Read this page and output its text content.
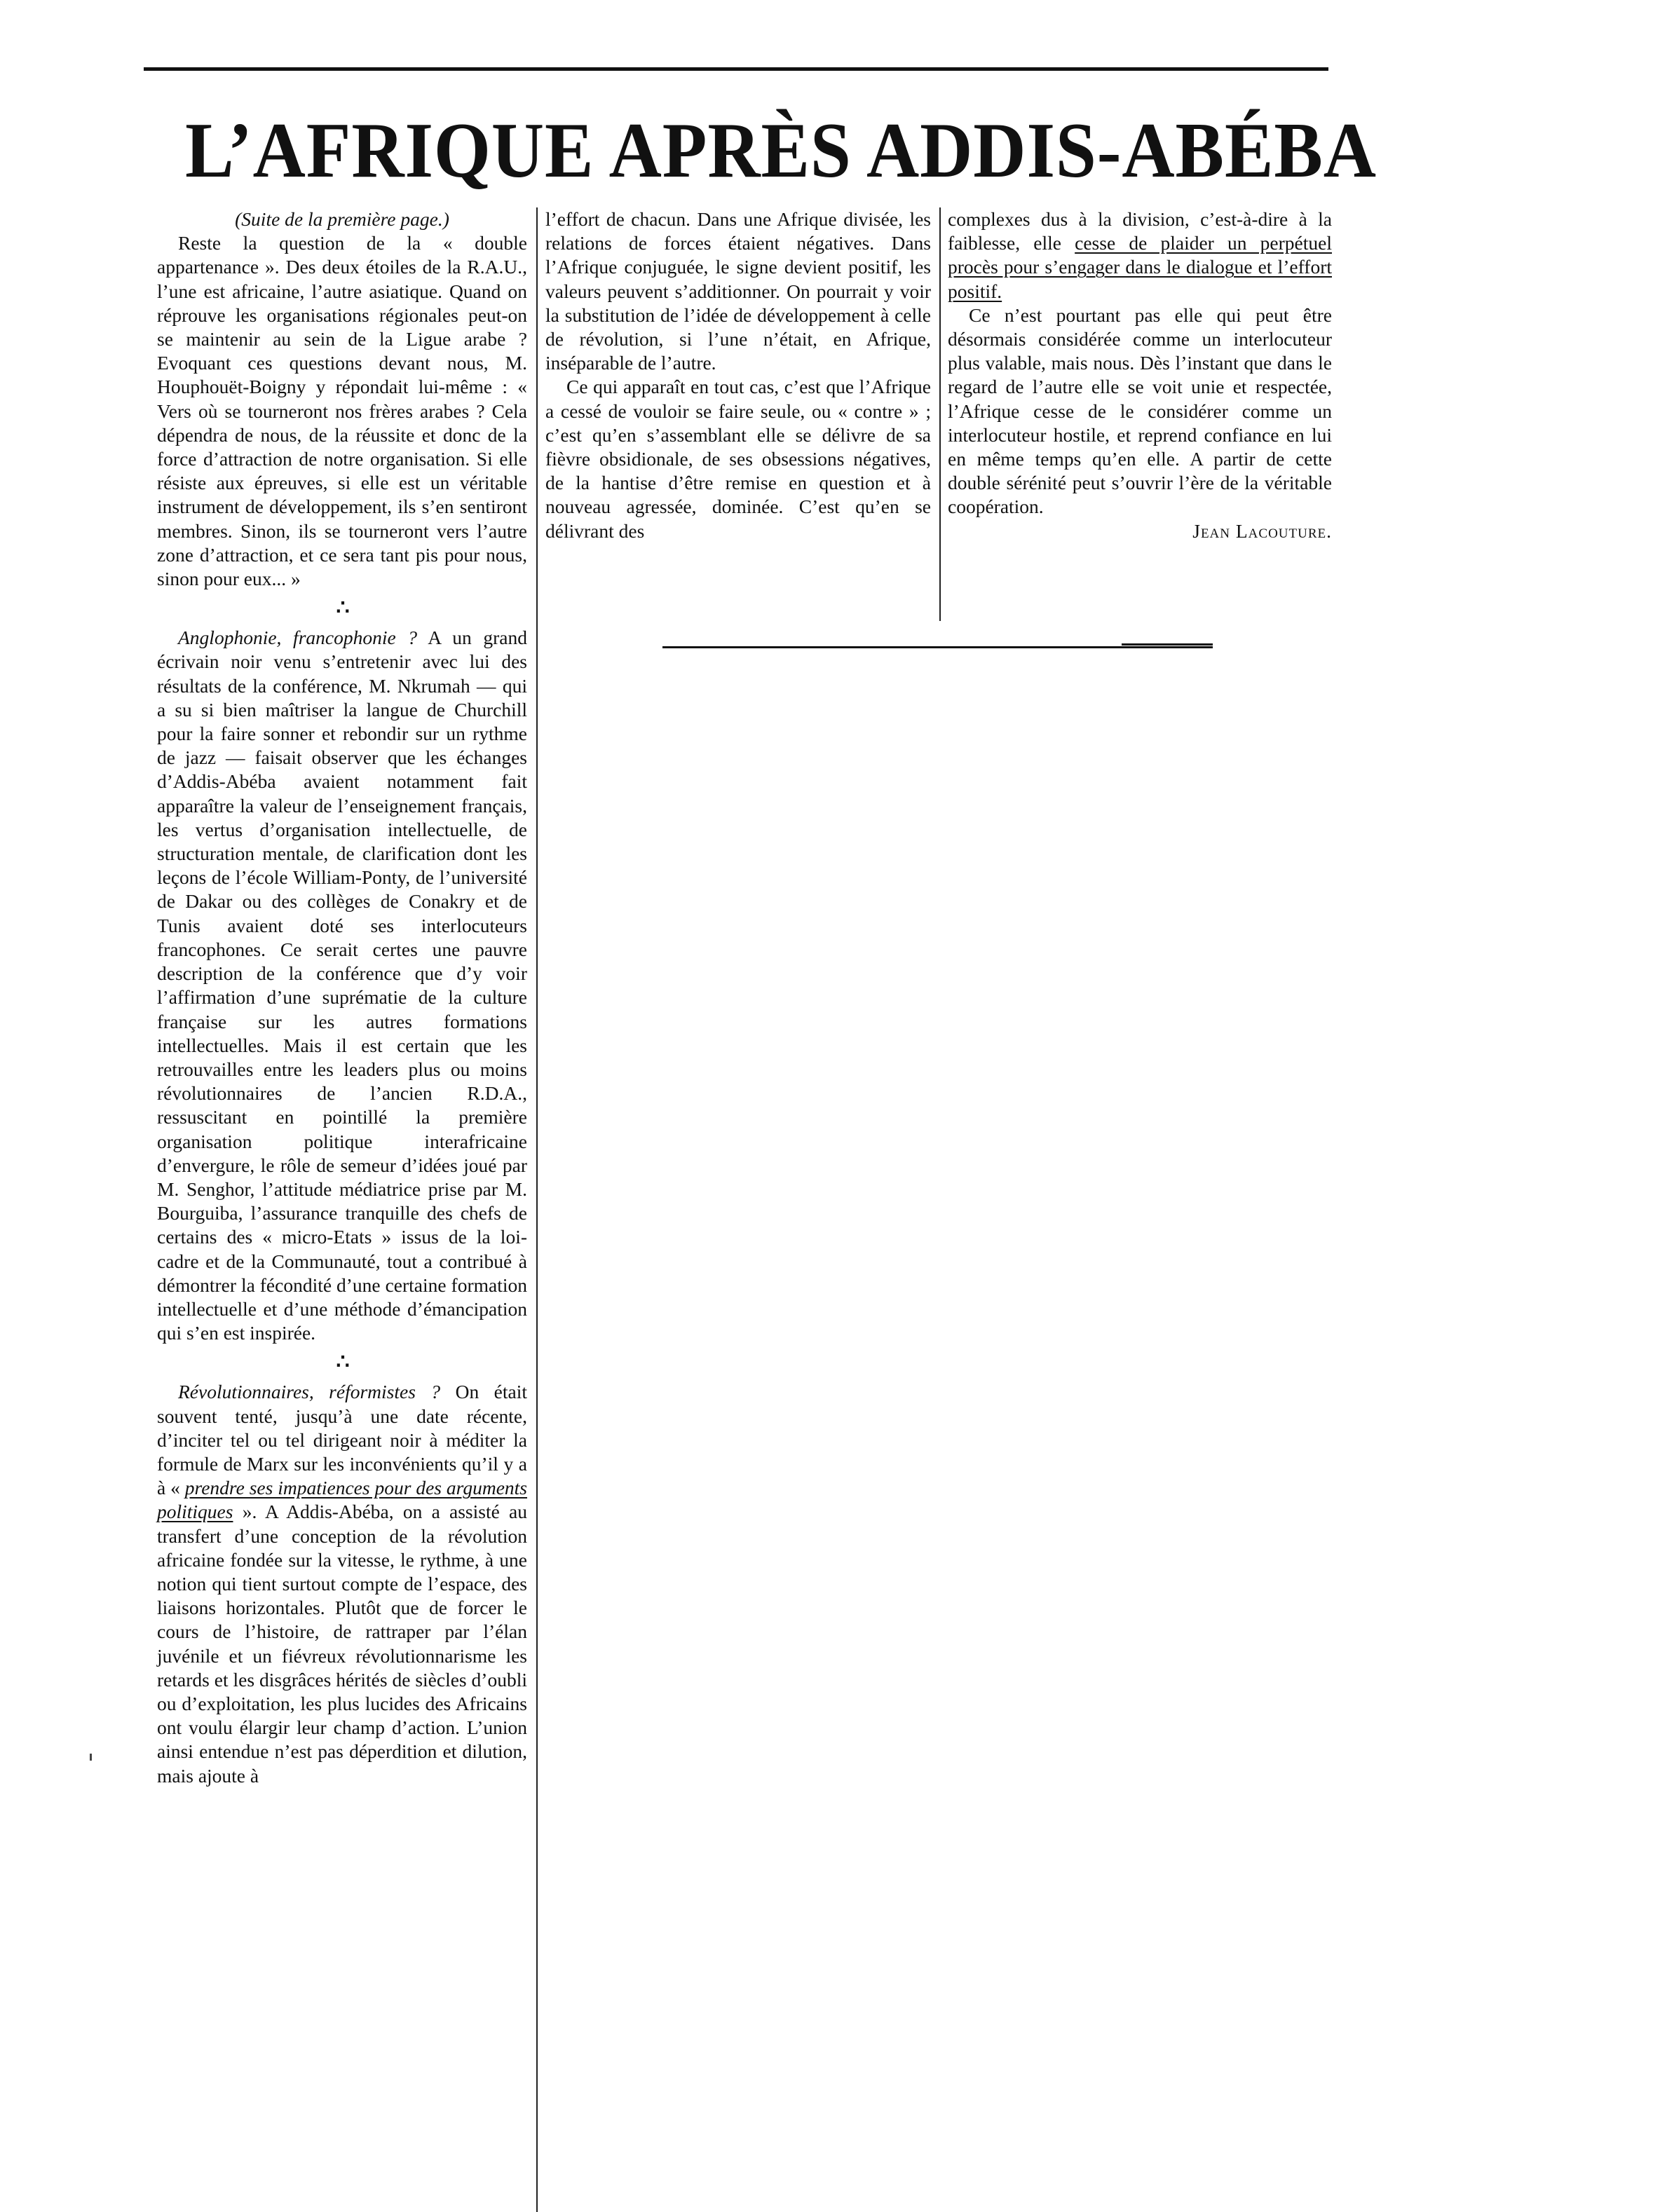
L’AFRIQUE APRÈS ADDIS-ABÉBA

(Suite de la première page.)

Reste la question de la « double appartenance ». Des deux étoiles de la R.A.U., l’une est africaine, l’autre asiatique. Quand on réprouve les organisations régionales peut-on se maintenir au sein de la Ligue arabe ? Evoquant ces questions devant nous, M. Houphouët-Boigny y répondait lui-même : « Vers où se tourneront nos frères arabes ? Cela dépendra de nous, de la réussite et donc de la force d’attraction de notre organisation. Si elle résiste aux épreuves, si elle est un véritable instrument de développement, ils s’en sentiront membres. Sinon, ils se tourneront vers l’autre zone d’attraction, et ce sera tant pis pour nous, sinon pour eux... »

∴

Anglophonie, francophonie ? A un grand écrivain noir venu s’entretenir avec lui des résultats de la conférence, M. Nkrumah — qui a su si bien maîtriser la langue de Churchill pour la faire sonner et rebondir sur un rythme de jazz — faisait observer que les échanges d’Addis-Abéba avaient notamment fait apparaître la valeur de l’enseignement français, les vertus d’organisation intellectuelle, de structuration mentale, de clarification dont les leçons de l’école William-Ponty, de l’université de Dakar ou des collèges de Conakry et de Tunis avaient doté ses interlocuteurs francophones. Ce serait certes une pauvre description de la conférence que d’y voir l’affirmation d’une suprématie de la culture française sur les autres formations intellectuelles. Mais il est certain que les retrouvailles entre les leaders plus ou moins révolutionnaires de l’ancien R.D.A., ressuscitant en pointillé la première organisation politique interafricaine d’envergure, le rôle de semeur d’idées joué par M. Senghor, l’attitude médiatrice prise par M. Bourguiba, l’assurance tranquille des chefs de certains des « micro-Etats » issus de la loi-cadre et de la Communauté, tout a contribué à démontrer la fécondité d’une certaine formation intellectuelle et d’une méthode d’émancipation qui s’en est inspirée.

∴

Révolutionnaires, réformistes ? On était souvent tenté, jusqu’à une date récente, d’inciter tel ou tel dirigeant noir à méditer la formule de Marx sur les inconvénients qu’il y a à « prendre ses impatiences pour des arguments politiques ». A Addis-Abéba, on a assisté au transfert d’une conception de la révolution africaine fondée sur la vitesse, le rythme, à une notion qui tient surtout compte de l’espace, des liaisons horizontales. Plutôt que de forcer le cours de l’histoire, de rattraper par l’élan juvénile et un fiévreux révolutionnarisme les retards et les disgrâces hérités de siècles d’oubli ou d’exploitation, les plus lucides des Africains ont voulu élargir leur champ d’action. L’union ainsi entendue n’est pas déperdition et dilution, mais ajoute à

l’effort de chacun. Dans une Afrique divisée, les relations de forces étaient négatives. Dans l’Afrique conjuguée, le signe devient positif, les valeurs peuvent s’additionner. On pourrait y voir la substitution de l’idée de développement à celle de révolution, si l’une n’était, en Afrique, inséparable de l’autre.

Ce qui apparaît en tout cas, c’est que l’Afrique a cessé de vouloir se faire seule, ou « contre » ; c’est qu’en s’assemblant elle se délivre de sa fièvre obsidionale, de ses obsessions négatives, de la hantise d’être remise en question et à nouveau agressée, dominée. C’est qu’en se délivrant des

complexes dus à la division, c’est-à-dire à la faiblesse, elle cesse de plaider un perpétuel procès pour s’engager dans le dialogue et l’effort positif.

Ce n’est pourtant pas elle qui peut être désormais considérée comme un interlocuteur plus valable, mais nous. Dès l’instant que dans le regard de l’autre elle se voit unie et respectée, l’Afrique cesse de le considérer comme un interlocuteur hostile, et reprend confiance en lui en même temps qu’en elle. A partir de cette double sérénité peut s’ouvrir l’ère de la véritable coopération.

Jean Lacouture.
